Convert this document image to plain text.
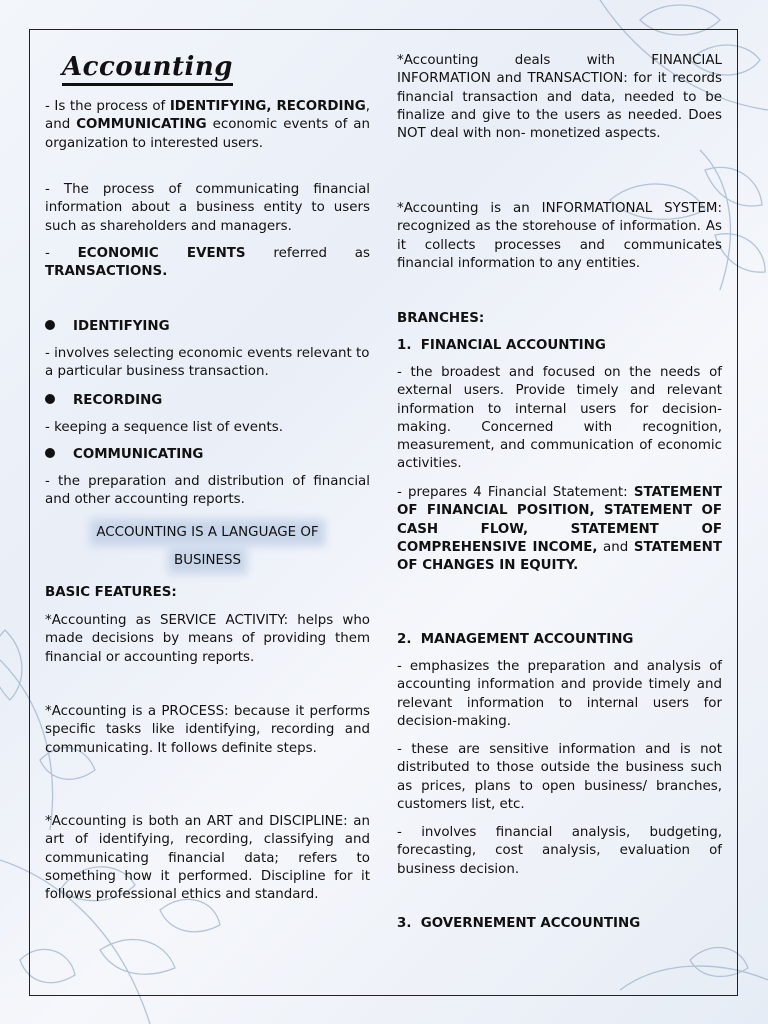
Accounting

- Is the process of IDENTIFYING, RECORDING, and COMMUNICATING economic events of an organization to interested users.

- The process of communicating financial information about a business entity to users such as shareholders and managers.

- ECONOMIC EVENTS referred as TRANSACTIONS.

IDENTIFYING

- involves selecting economic events relevant to a particular business transaction.

RECORDING

- keeping a sequence list of events.

COMMUNICATING

- the preparation and distribution of financial and other accounting reports.

ACCOUNTING IS A LANGUAGE OF
BUSINESS

BASIC FEATURES:

*Accounting as SERVICE ACTIVITY: helps who made decisions by means of providing them financial or accounting reports.

*Accounting is a PROCESS: because it performs specific tasks like identifying, recording and communicating. It follows definite steps.

*Accounting is both an ART and DISCIPLINE: an art of identifying, recording, classifying and communicating financial data; refers to something how it performed. Discipline for it follows professional ethics and standard.

*Accounting deals with FINANCIAL INFORMATION and TRANSACTION: for it records financial transaction and data, needed to be finalize and give to the users as needed. Does NOT deal with non- monetized aspects.

*Accounting is an INFORMATIONAL SYSTEM: recognized as the storehouse of information. As it collects processes and communicates financial information to any entities.

BRANCHES:

1. FINANCIAL ACCOUNTING

- the broadest and focused on the needs of external users. Provide timely and relevant information to internal users for decision-making. Concerned with recognition, measurement, and communication of economic activities.

- prepares 4 Financial Statement: STATEMENT OF FINANCIAL POSITION, STATEMENT OF CASH FLOW, STATEMENT OF COMPREHENSIVE INCOME, and STATEMENT OF CHANGES IN EQUITY.

2. MANAGEMENT ACCOUNTING

- emphasizes the preparation and analysis of accounting information and provide timely and relevant information to internal users for decision-making.

- these are sensitive information and is not distributed to those outside the business such as prices, plans to open business/ branches, customers list, etc.

- involves financial analysis, budgeting, forecasting, cost analysis, evaluation of business decision.

3. GOVERNEMENT ACCOUNTING
